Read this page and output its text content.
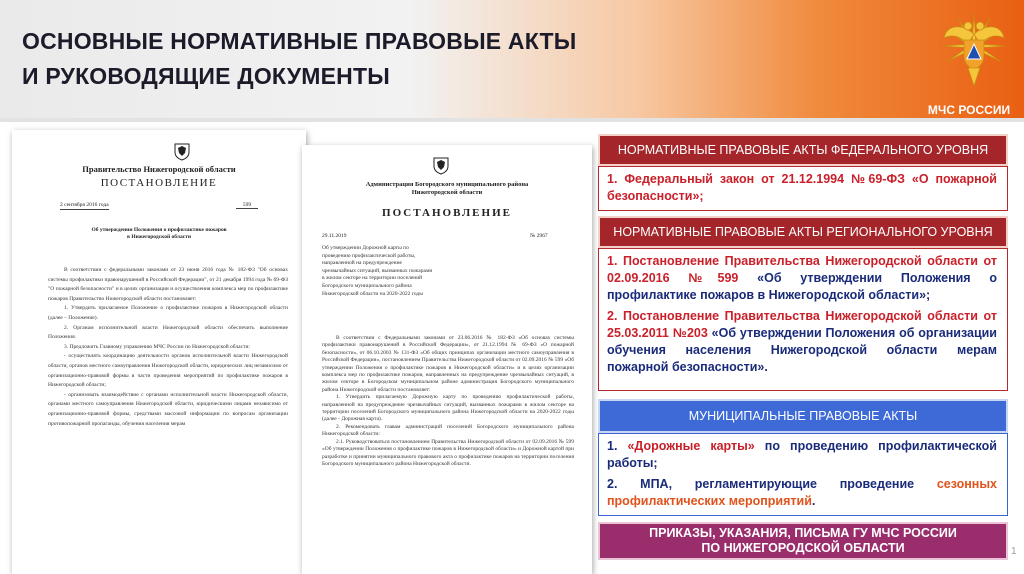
ОСНОВНЫЕ НОРМАТИВНЫЕ ПРАВОВЫЕ АКТЫ
И РУКОВОДЯЩИЕ ДОКУМЕНТЫ
МЧС РОССИИ
Правительство Нижегородской области
ПОСТАНОВЛЕНИЕ
2 сентября 2016 года	599
Об утверждении Положения о профилактике пожаров
в Нижегородской области

В соответствии с федеральными законами от 23 июня 2016 года № 182-ФЗ "Об основах системы профилактики правонарушений в Российской Федерации", от 21 декабря 1994 года № 69-ФЗ "О пожарной безопасности" и в целях организации и осуществления комплекса мер по профилактике пожаров Правительство Нижегородской области постановляет:

1. Утвердить прилагаемое Положение о профилактике пожаров в Нижегородской области (далее – Положение).

2. Органам исполнительной власти Нижегородской области обеспечить выполнение Положения.

3. Предложить Главному управлению МЧС России по Нижегородской области:

- осуществлять координацию деятельности органов исполнительной власти Нижегородской области, органов местного самоуправления Нижегородской области, юридических лиц независимо от организационно-правовой формы в части проведения мероприятий по профилактике пожаров в Нижегородской области;

- организовать взаимодействие с органами исполнительной власти Нижегородской области, органами местного самоуправления Нижегородской области, юридическими лицами независимо от организационно-правовой формы, средствами массовой информации по вопросам организации противопожарной пропаганды, обучения населения мерам

Администрация Богородского муниципального района
Нижегородской области
ПОСТАНОВЛЕНИЕ
29.11.2019	№ 2967
Об утверждении Дорожной карты по проведению профилактической работы, направленной на предупреждение чрезвычайных ситуаций, вызванных пожарами в жилом секторе на территории поселений Богородского муниципального района Нижегородской области на 2020-2022 годы

В соответствии с Федеральными законами от 23.06.2016 № 182-ФЗ «Об основах системы профилактики правонарушений в Российской Федерации», от 21.12.1994 № 69-ФЗ «О пожарной безопасности», от 06.10.2003 № 131-ФЗ «Об общих принципах организации местного самоуправления в Российской Федерации», постановлением Правительства Нижегородской области от 02.09.2016 № 599 «Об утверждении Положения о профилактике пожаров в Нижегородской области» и в целях организации комплекса мер по профилактике пожаров, направленных на предупреждение чрезвычайных ситуаций, в жилом секторе в Богородском муниципальном районе администрация Богородского муниципального района Нижегородской области постановляет:

1. Утвердить прилагаемую Дорожную карту по проведению профилактической работы, направленной на предупреждение чрезвычайных ситуаций, вызванных пожарами в жилом секторе на территории поселений Богородского муниципального района Нижегородской области на 2020-2022 годы (далее - Дорожная карта).

2. Рекомендовать главам администраций поселений Богородского муниципального района Нижегородской области:

2.1. Руководствоваться постановлением Правительства Нижегородской области от 02.09.2016 № 599 «Об утверждении Положения о профилактике пожаров в Нижегородской области» и Дорожной картой при разработке и принятии муниципального правового акта о профилактике пожаров на территории поселения Богородского муниципального района Нижегородской области.

НОРМАТИВНЫЕ ПРАВОВЫЕ АКТЫ ФЕДЕРАЛЬНОГО УРОВНЯ
1. Федеральный закон от 21.12.1994 №69-ФЗ «О пожарной безопасности»;
НОРМАТИВНЫЕ ПРАВОВЫЕ АКТЫ РЕГИОНАЛЬНОГО УРОВНЯ
1. Постановление Правительства Нижегородской области от 02.09.2016 №599 «Об утверждении Положения о профилактике пожаров в Нижегородской области»;
2. Постановление Правительства Нижегородской области от 25.03.2011 №203 «Об утверждении Положения об организации обучения населения Нижегородской области мерам пожарной безопасности».
МУНИЦИПАЛЬНЫЕ ПРАВОВЫЕ АКТЫ
1. «Дорожные карты» по проведению профилактической работы;
2. МПА, регламентирующие проведение сезонных профилактических мероприятий.
ПРИКАЗЫ, УКАЗАНИЯ, ПИСЬМА ГУ МЧС РОССИИ
ПО НИЖЕГОРОДСКОЙ ОБЛАСТИ	1
